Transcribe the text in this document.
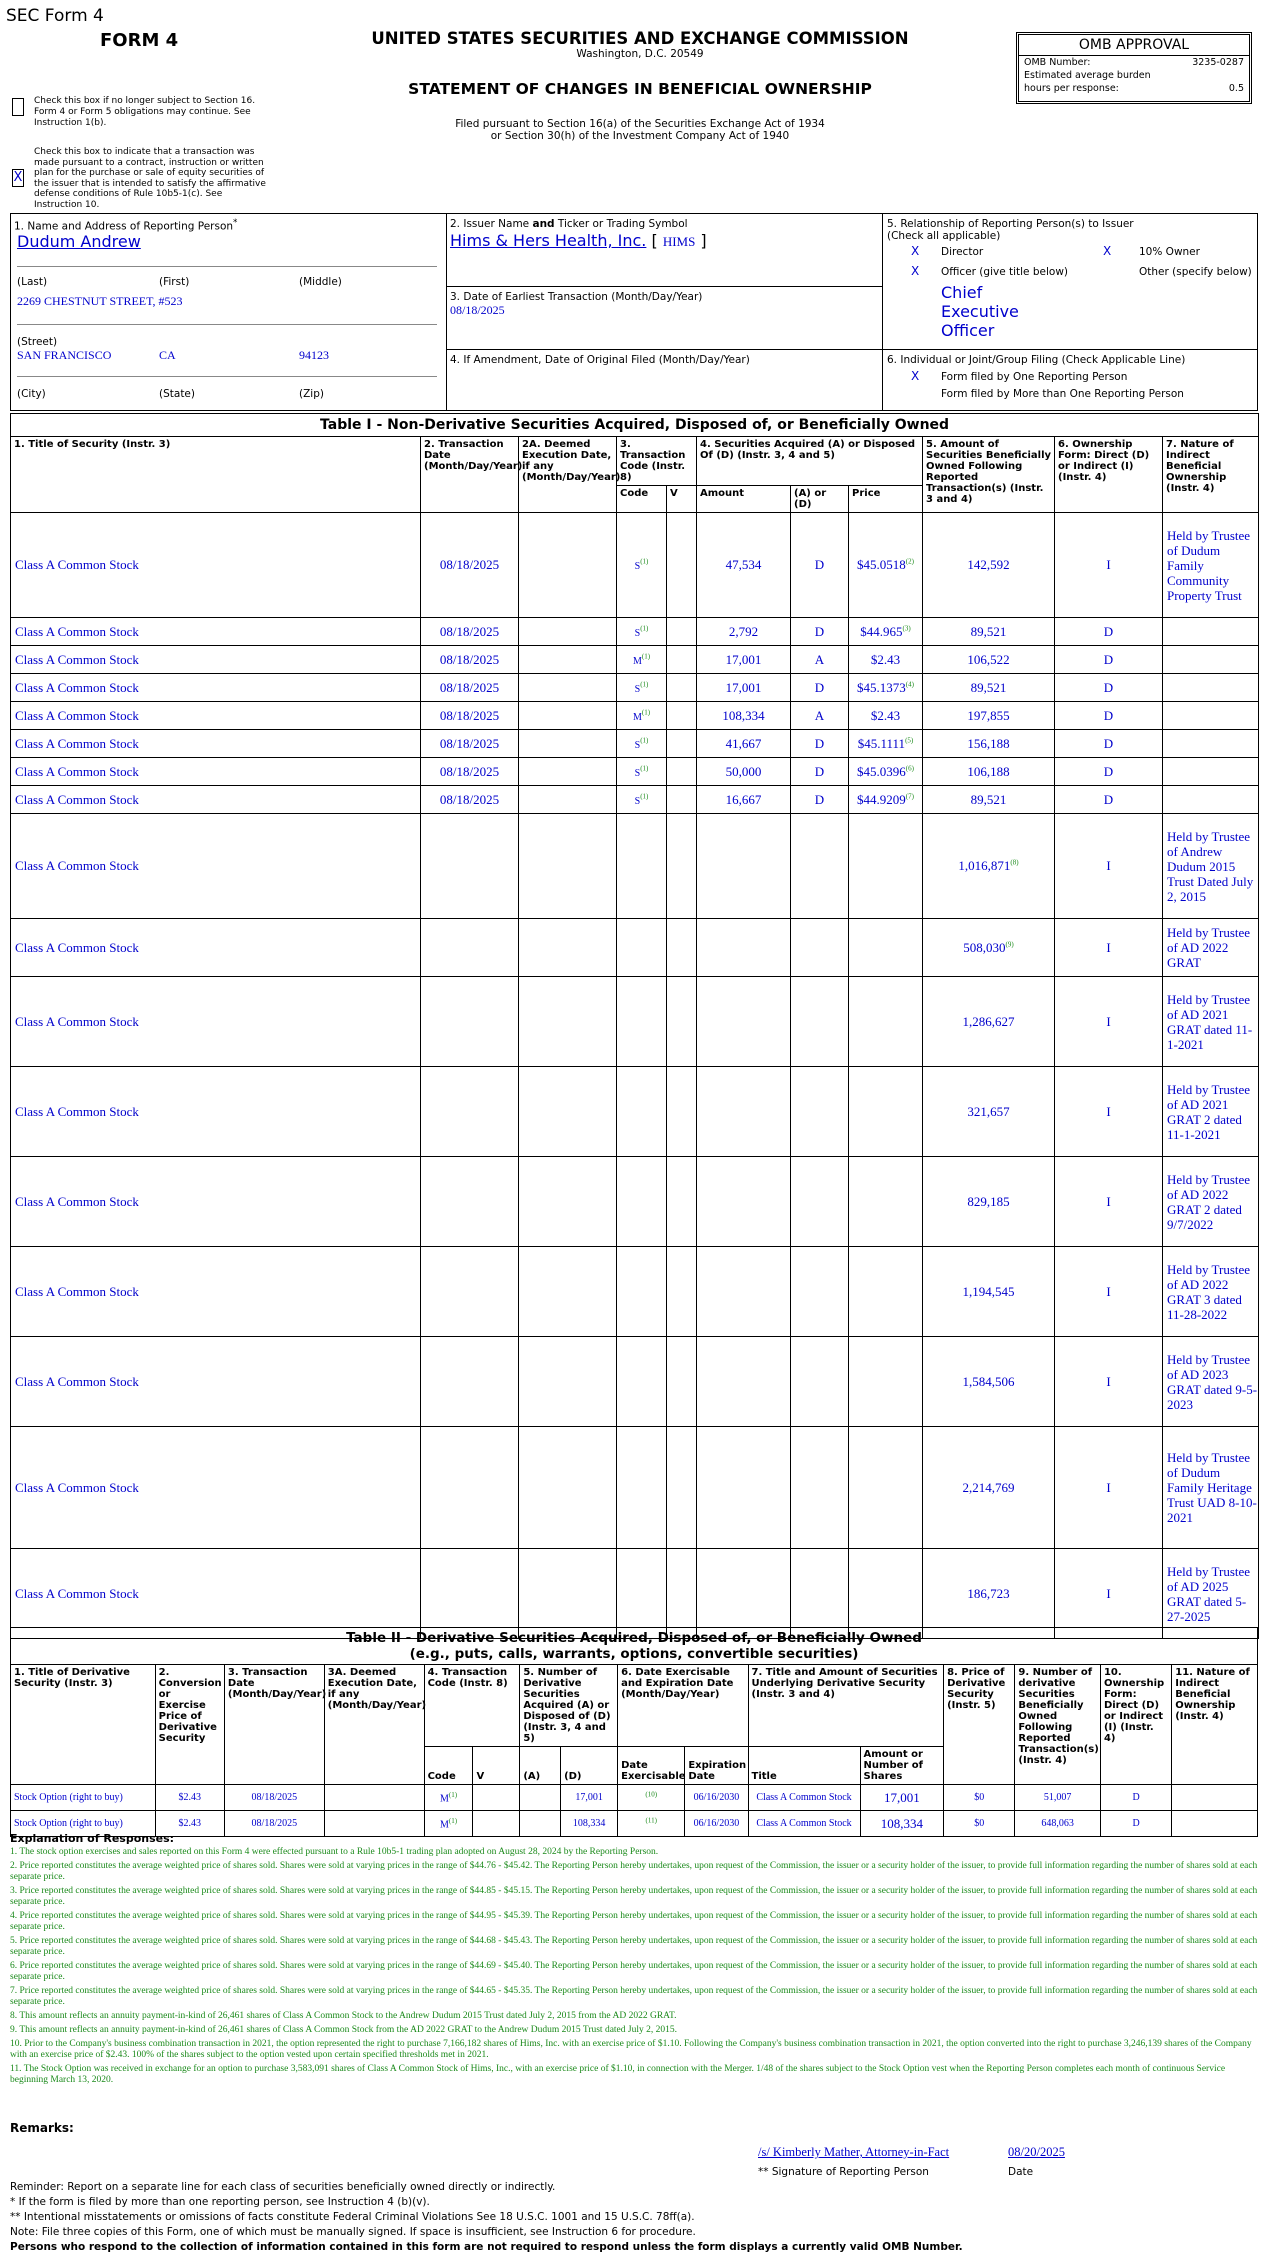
SEC Form 4
FORM 4	UNITED STATES SECURITIES AND EXCHANGE COMMISSION
Washington, D.C. 20549
STATEMENT OF CHANGES IN BENEFICIAL OWNERSHIP
Filed pursuant to Section 16(a) of the Securities Exchange Act of 1934
or Section 30(h) of the Investment Company Act of 1940
Check this box if no longer subject to Section 16. Form 4 or Form 5 obligations may continue. See Instruction 1(b).
X
Check this box to indicate that a transaction was made pursuant to a contract, instruction or written plan for the purchase or sale of equity securities of the issuer that is intended to satisfy the affirmative defense conditions of Rule 10b5-1(c). See Instruction 10.
OMB APPROVAL
OMB Number:	3235-0287
Estimated average burden
hours per response:	0.5
1. Name and Address of Reporting Person*
Dudum Andrew
(Last)	(First)	(Middle)
2269 CHESTNUT STREET, #523
(Street)
SAN FRANCISCO	CA	94123
(City)	(State)	(Zip)
2. Issuer Name and Ticker or Trading Symbol
Hims & Hers Health, Inc. [ HIMS ]
3. Date of Earliest Transaction (Month/Day/Year)
08/18/2025
4. If Amendment, Date of Original Filed (Month/Day/Year)
5. Relationship of Reporting Person(s) to Issuer
(Check all applicable)
X Director	X	10% Owner
X Officer (give title below)	Other (specify below)
Chief
Executive
Officer
6. Individual or Joint/Group Filing (Check Applicable Line)
X Form filed by One Reporting Person
Form filed by More than One Reporting Person
Table I - Non-Derivative Securities Acquired, Disposed of, or Beneficially Owned										
1. Title of Security (Instr. 3)	2. Transaction Date (Month/Day/Year)	2A. Deemed Execution Date, if any (Month/Day/Year)	3. Transaction Code (Instr. 8)		4. Securities Acquired (A) or Disposed Of (D) (Instr. 3, 4 and 5)			5. Amount of Securities Beneficially Owned Following Reported Transaction(s) (Instr. 3 and 4)	6. Ownership Form: Direct (D) or Indirect (I) (Instr. 4)	7. Nature of Indirect Beneficial Ownership (Instr. 4)
			Code	V	Amount	(A) or (D)	Price			
Class A Common Stock	08/18/2025		S$^{(1)}$		47,534	D	$45.0518$^{(2)}$	142,592	I	Held by Trustee of Dudum Family Community Property Trust
Class A Common Stock	08/18/2025		S$^{(1)}$		2,792	D	$44.965$^{(3)}$	89,521	D	
Class A Common Stock	08/18/2025		M$^{(1)}$		17,001	A	$2.43	106,522	D	
Class A Common Stock	08/18/2025		S$^{(1)}$		17,001	D	$45.1373$^{(4)}$	89,521	D	
Class A Common Stock	08/18/2025		M$^{(1)}$		108,334	A	$2.43	197,855	D	
Class A Common Stock	08/18/2025		S$^{(1)}$		41,667	D	$45.1111$^{(5)}$	156,188	D	
Class A Common Stock	08/18/2025		S$^{(1)}$		50,000	D	$45.0396$^{(6)}$	106,188	D	
Class A Common Stock	08/18/2025		S$^{(1)}$		16,667	D	$44.9209$^{(7)}$	89,521	D	
Class A Common Stock								1,016,871$^{(8)}$	I	Held by Trustee of Andrew Dudum 2015 Trust Dated July 2, 2015
Class A Common Stock								508,030$^{(9)}$	I	Held by Trustee of AD 2022 GRAT
Class A Common Stock								1,286,627	I	Held by Trustee of AD 2021 GRAT dated 11-1-2021
Class A Common Stock								321,657	I	Held by Trustee of AD 2021 GRAT 2 dated 11-1-2021
Class A Common Stock								829,185	I	Held by Trustee of AD 2022 GRAT 2 dated 9/7/2022
Class A Common Stock								1,194,545	I	Held by Trustee of AD 2022 GRAT 3 dated 11-28-2022
Class A Common Stock								1,584,506	I	Held by Trustee of AD 2023 GRAT dated 9-5-2023
Class A Common Stock								2,214,769	I	Held by Trustee of Dudum Family Heritage Trust UAD 8-10-2021
Class A Common Stock								186,723	I	Held by Trustee of AD 2025 GRAT dated 5-27-2025
Table II - Derivative Securities Acquired, Disposed of, or Beneficially Owned
(e.g., puts, calls, warrants, options, convertible securities)															

1. Title of Derivative Security (Instr. 3)	2. Conversion or Exercise Price of Derivative Security	3. Transaction Date (Month/Day/Year)	3A. Deemed Execution Date, if any (Month/Day/Year)	4. Transaction Code (Instr. 8)		5. Number of Derivative Securities Acquired (A) or Disposed of (D) (Instr. 3, 4 and 5)		6. Date Exercisable and Expiration Date (Month/Day/Year)		7. Title and Amount of Securities Underlying Derivative Security (Instr. 3 and 4)		8. Price of Derivative Security (Instr. 5)	9. Number of derivative Securities Beneficially Owned Following Reported Transaction(s) (Instr. 4)	10. Ownership Form: Direct (D) or Indirect (I) (Instr. 4)	11. Nature of Indirect Beneficial Ownership (Instr. 4)
				Code	V	(A)	(D)	Date Exercisable	Expiration Date	Title	Amount or Number of Shares				
Stock Option (right to buy)	$2.43	08/18/2025		M$^{(1)}$			17,001	$^{(10)}$	06/16/2030	Class A Common Stock	17,001	$0	51,007	D	
Stock Option (right to buy)	$2.43	08/18/2025		M$^{(1)}$			108,334	$^{(11)}$	06/16/2030	Class A Common Stock	108,334	$0	648,063	D	
Explanation of Responses:

1. The stock option exercises and sales reported on this Form 4 were effected pursuant to a Rule 10b5-1 trading plan adopted on August 28, 2024 by the Reporting Person.

2. Price reported constitutes the average weighted price of shares sold. Shares were sold at varying prices in the range of $44.76 - $45.42. The Reporting Person hereby undertakes, upon request of the Commission, the issuer or a security holder of the issuer, to provide full information regarding the number of shares sold at each separate price.

3. Price reported constitutes the average weighted price of shares sold. Shares were sold at varying prices in the range of $44.85 - $45.15. The Reporting Person hereby undertakes, upon request of the Commission, the issuer or a security holder of the issuer, to provide full information regarding the number of shares sold at each separate price.

4. Price reported constitutes the average weighted price of shares sold. Shares were sold at varying prices in the range of $44.95 - $45.39. The Reporting Person hereby undertakes, upon request of the Commission, the issuer or a security holder of the issuer, to provide full information regarding the number of shares sold at each separate price.

5. Price reported constitutes the average weighted price of shares sold. Shares were sold at varying prices in the range of $44.68 - $45.43. The Reporting Person hereby undertakes, upon request of the Commission, the issuer or a security holder of the issuer, to provide full information regarding the number of shares sold at each separate price.

6. Price reported constitutes the average weighted price of shares sold. Shares were sold at varying prices in the range of $44.69 - $45.40. The Reporting Person hereby undertakes, upon request of the Commission, the issuer or a security holder of the issuer, to provide full information regarding the number of shares sold at each separate price.

7. Price reported constitutes the average weighted price of shares sold. Shares were sold at varying prices in the range of $44.65 - $45.35. The Reporting Person hereby undertakes, upon request of the Commission, the issuer or a security holder of the issuer, to provide full information regarding the number of shares sold at each separate price.

8. This amount reflects an annuity payment-in-kind of 26,461 shares of Class A Common Stock to the Andrew Dudum 2015 Trust dated July 2, 2015 from the AD 2022 GRAT.

9. This amount reflects an annuity payment-in-kind of 26,461 shares of Class A Common Stock from the AD 2022 GRAT to the Andrew Dudum 2015 Trust dated July 2, 2015.

10. Prior to the Company's business combination transaction in 2021, the option represented the right to purchase 7,166,182 shares of Hims, Inc. with an exercise price of $1.10. Following the Company's business combination transaction in 2021, the option converted into the right to purchase 3,246,139 shares of the Company with an exercise price of $2.43. 100% of the shares subject to the option vested upon certain specified thresholds met in 2021.

11. The Stock Option was received in exchange for an option to purchase 3,583,091 shares of Class A Common Stock of Hims, Inc., with an exercise price of $1.10, in connection with the Merger. 1/48 of the shares subject to the Stock Option vest when the Reporting Person completes each month of continuous Service beginning March 13, 2020.

Remarks:
/s/ Kimberly Mather, Attorney-in-Fact	08/20/2025
** Signature of Reporting Person	Date
Reminder: Report on a separate line for each class of securities beneficially owned directly or indirectly.
* If the form is filed by more than one reporting person, see Instruction 4 (b)(v).
** Intentional misstatements or omissions of facts constitute Federal Criminal Violations See 18 U.S.C. 1001 and 15 U.S.C. 78ff(a).
Note: File three copies of this Form, one of which must be manually signed. If space is insufficient, see Instruction 6 for procedure.
Persons who respond to the collection of information contained in this form are not required to respond unless the form displays a currently valid OMB Number.
